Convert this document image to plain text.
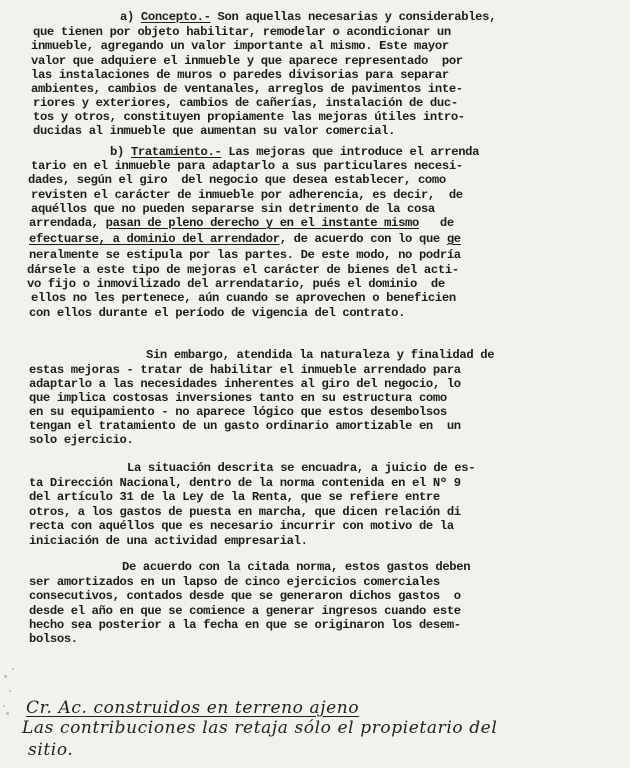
a) Concepto.- Son aquellas necesarias y considerables,
que tienen por objeto habilitar, remodelar o acondicionar un
inmueble, agregando un valor importante al mismo. Este mayor
valor que adquiere el inmueble y que aparece representado  por
las instalaciones de muros o paredes divisorias para separar
ambientes, cambios de ventanales, arreglos de pavimentos inte-
riores y exteriores, cambios de cañerías, instalación de duc-
tos y otros, constituyen propiamente las mejoras útiles intro-
ducidas al inmueble que aumentan su valor comercial.
b) Tratamiento.- Las mejoras que introduce el arrenda
tario en el inmueble para adaptarlo a sus particulares necesi-
dades, según el giro  del negocio que desea establecer, como
revisten el carácter de inmueble por adherencia, es decir,  de
aquéllos que no pueden separarse sin detrimento de la cosa
arrendada, pasan de pleno derecho y en el instante mismo   de
efectuarse, a dominio del arrendador, de acuerdo con lo que ge
neralmente se estipula por las partes. De este modo, no podría
dársele a este tipo de mejoras el carácter de bienes del acti-
vo fijo o inmovilizado del arrendatario, pués el dominio  de
ellos no les pertenece, aún cuando se aprovechen o beneficien
con ellos durante el período de vigencia del contrato.
Sin embargo, atendida la naturaleza y finalidad de
estas mejoras - tratar de habilitar el inmueble arrendado para
adaptarlo a las necesidades inherentes al giro del negocio, lo
que implica costosas inversiones tanto en su estructura como
en su equipamiento - no aparece lógico que estos desembolsos
tengan el tratamiento de un gasto ordinario amortizable en  un
solo ejercicio.
La situación descrita se encuadra, a juicio de es-
ta Dirección Nacional, dentro de la norma contenida en el Nº 9
del artículo 31 de la Ley de la Renta, que se refiere entre
otros, a los gastos de puesta en marcha, que dicen relación di
recta con aquéllos que es necesario incurrir con motivo de la
iniciación de una actividad empresarial.
De acuerdo con la citada norma, estos gastos deben
ser amortizados en un lapso de cinco ejercicios comerciales
consecutivos, contados desde que se generaron dichos gastos  o
desde el año en que se comience a generar ingresos cuando este
hecho sea posterior a la fecha en que se originaron los desem-
bolsos.
Cr. Ac. construidos en terreno ajeno
Las contribuciones las retaja sólo el propietario del
sitio.
